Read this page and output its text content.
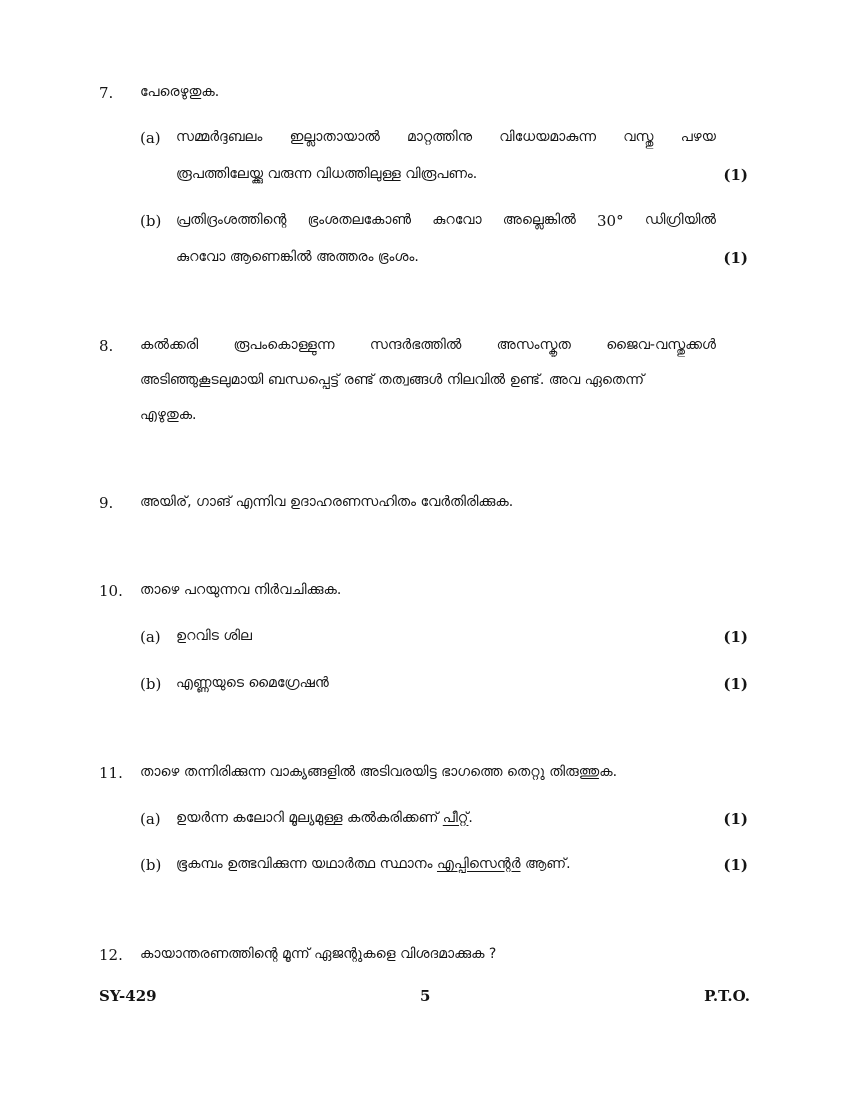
7. പേരെഴുതുക.
(a) സമ്മർദ്ദബലം ഇല്ലാതായാൽ മാറ്റത്തിനു വിധേയമാകുന്ന വസ്തു പഴയ
രൂപത്തിലേയ്ക്കു വരുന്ന വിധത്തിലുള്ള വിരൂപണം.	(1)
(b) പ്രതിദ്രംശത്തിന്റെ ഭ്രംശതലകോൺ കുറവോ അല്ലെങ്കിൽ 30° ഡിഗ്രിയിൽ
കുറവോ ആണെങ്കിൽ അത്തരം ഭ്രംശം.	(1)
8. കൽക്കരി	രൂപംകൊള്ളുന്ന	സന്ദർഭത്തിൽ	അസംസ്കൃത	ജൈവ-വസ്തുക്കൾ
അടിഞ്ഞുകൂടലുമായി ബന്ധപ്പെട്ട് രണ്ട് തത്വങ്ങൾ നിലവിൽ ഉണ്ട്. അവ ഏതെന്ന്
എഴുതുക.
9. അയിര്, ഗാങ് എന്നിവ ഉദാഹരണസഹിതം വേർതിരിക്കുക.
10. താഴെ പറയുന്നവ നിർവചിക്കുക.
(a) ഉറവിട ശില	(1)
(b) എണ്ണയുടെ മൈഗ്രേഷൻ	(1)
11. താഴെ തന്നിരിക്കുന്ന വാക്യങ്ങളിൽ അടിവരയിട്ട ഭാഗത്തെ തെറ്റു തിരുത്തുക.
(a) ഉയർന്ന കലോറി മൂല്യമുള്ള കൽകരിക്കണ് പീറ്റ്.	(1)
(b) ഭൂകമ്പം ഉത്ഭവിക്കുന്ന യഥാർത്ഥ സ്ഥാനം എപ്പിസെന്റർ ആണ്.	(1)
12. കായാന്തരണത്തിന്റെ മൂന്ന് ഏജന്റുകളെ വിശദമാക്കുക ?
SY-429	5	P.T.O.
